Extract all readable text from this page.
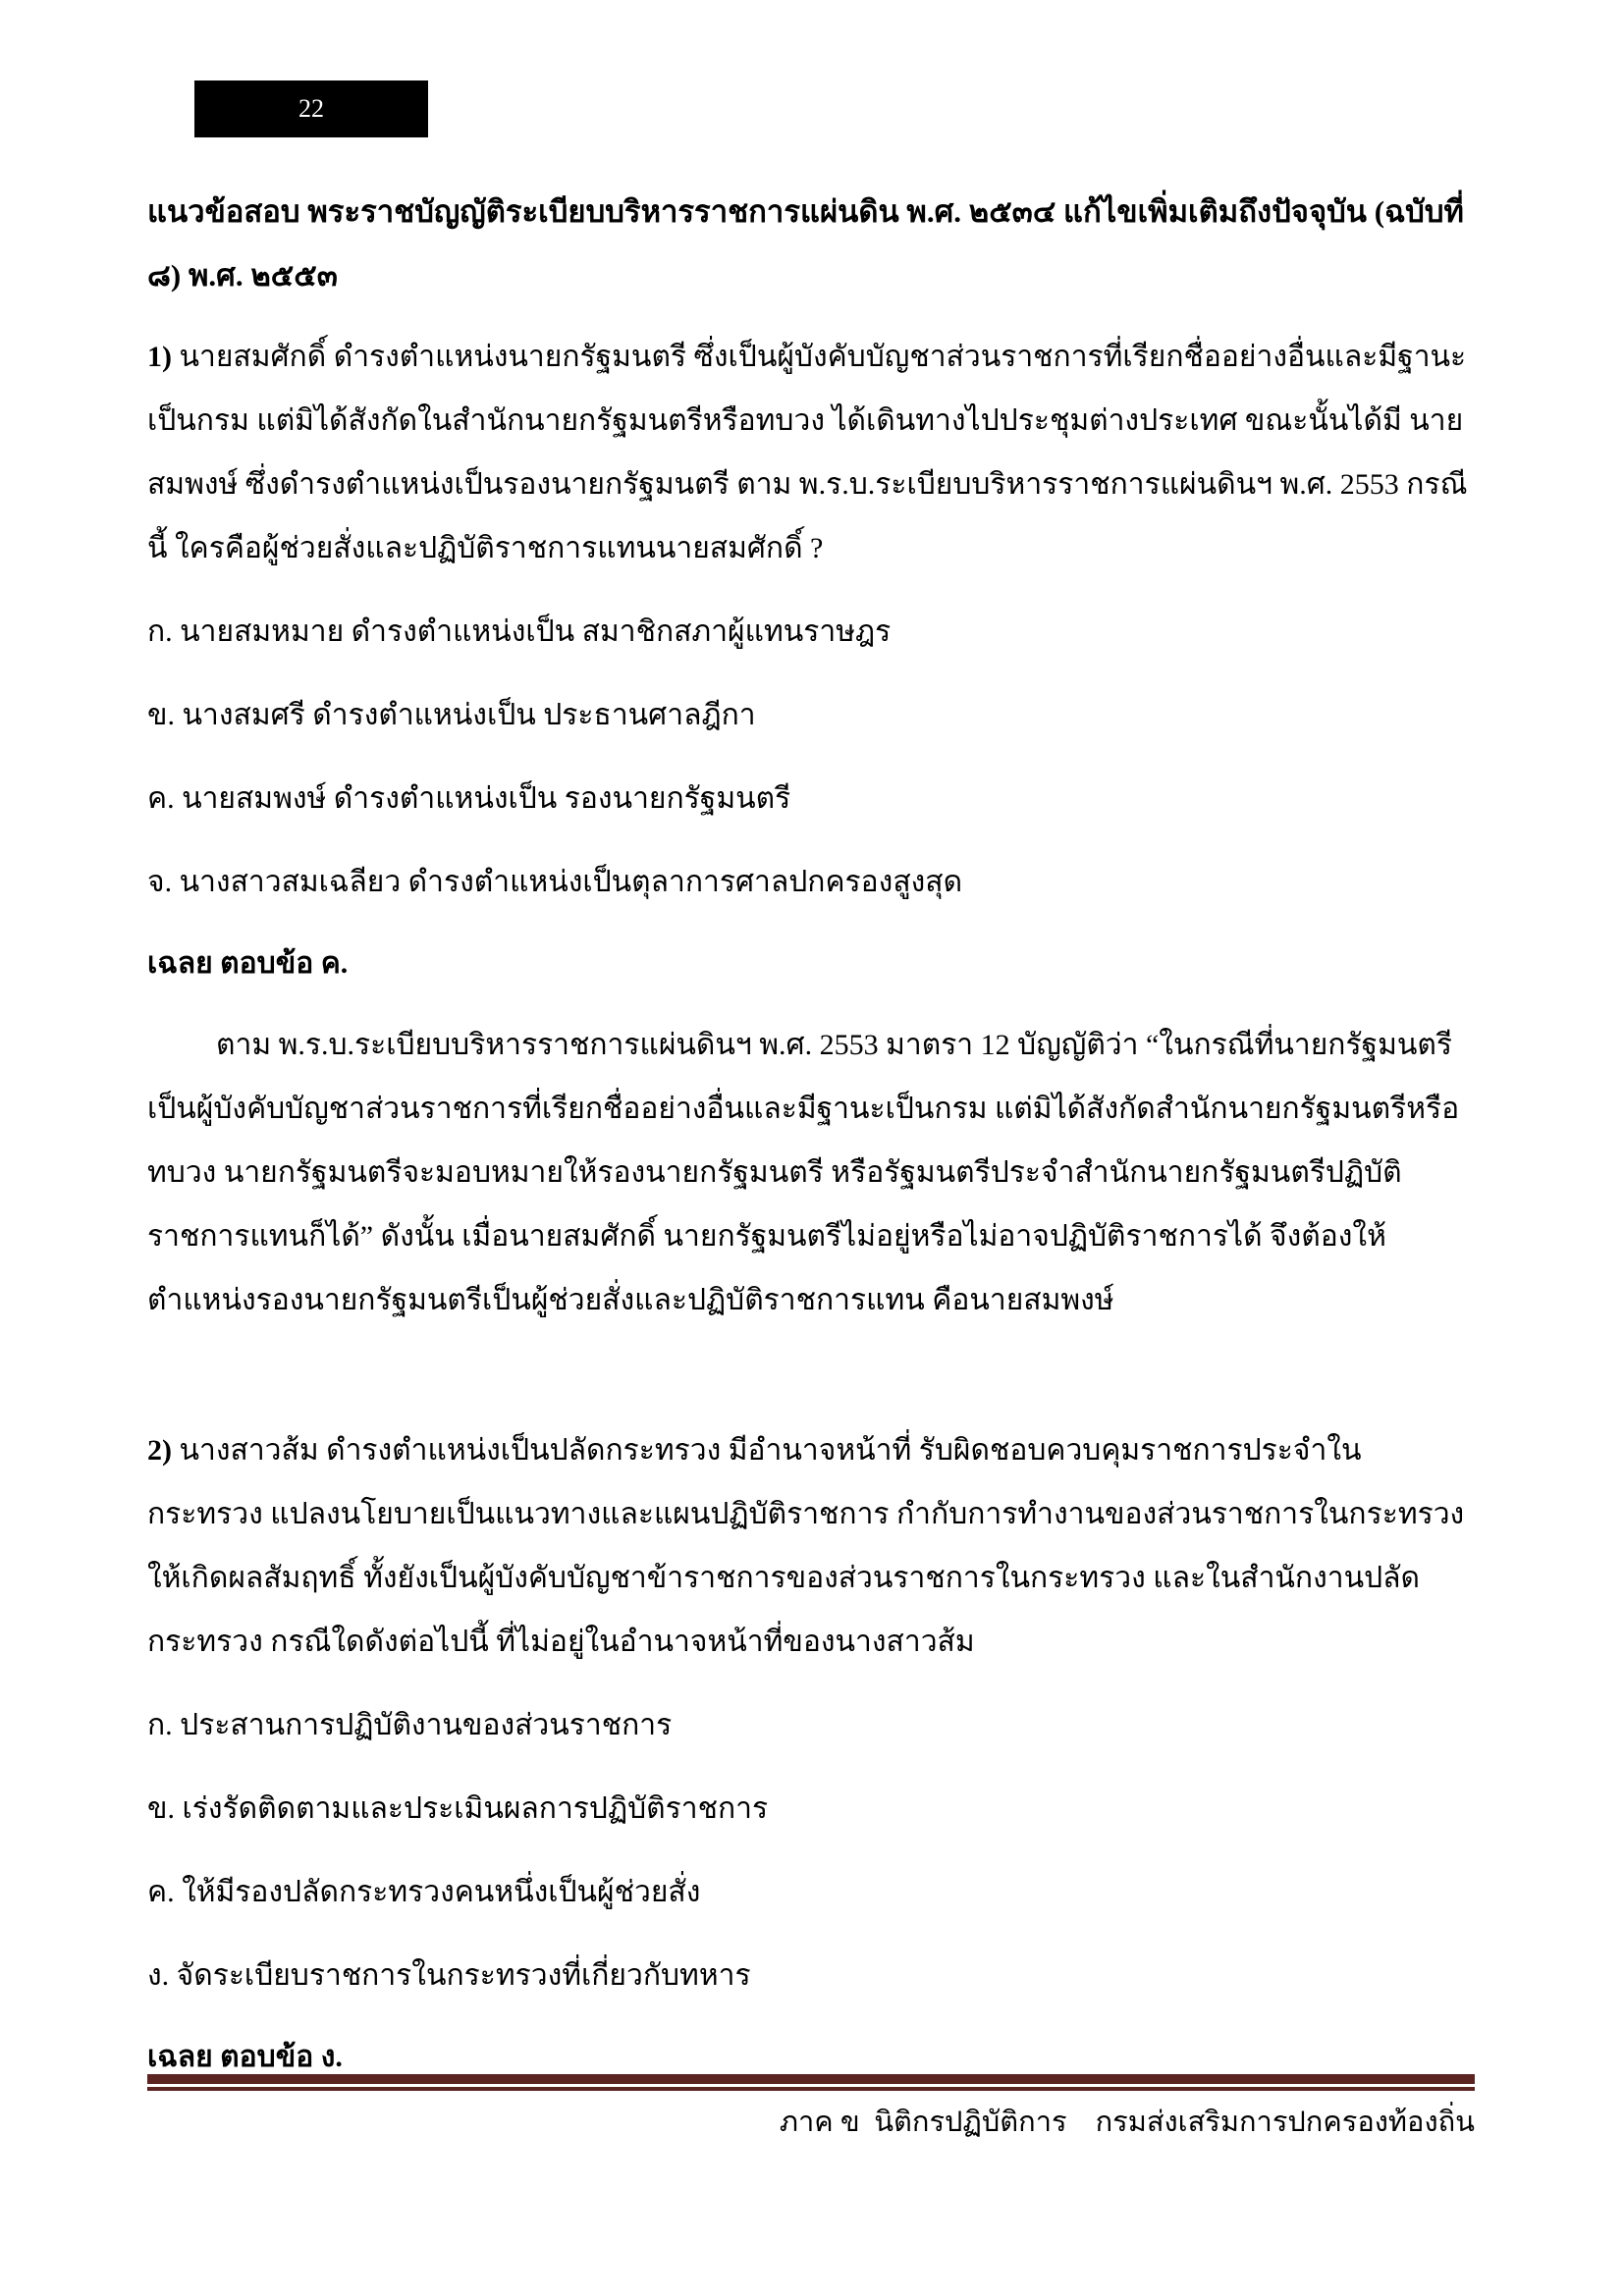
22
แนวข้อสอบ พระราชบัญญัติระเบียบบริหารราชการแผ่นดิน พ.ศ. ๒๕๓๔ แก้ไขเพิ่มเติมถึงปัจจุบัน (ฉบับที่ ๘) พ.ศ. ๒๕๕๓

1) นายสมศักดิ์ ดำรงตำแหน่งนายกรัฐมนตรี ซึ่งเป็นผู้บังคับบัญชาส่วนราชการที่เรียกชื่ออย่างอื่นและมีฐานะเป็นกรม แต่มิได้สังกัดในสำนักนายกรัฐมนตรีหรือทบวง ได้เดินทางไปประชุมต่างประเทศ ขณะนั้นได้มี นายสมพงษ์ ซึ่งดำรงตำแหน่งเป็นรองนายกรัฐมนตรี ตาม พ.ร.บ.ระเบียบบริหารราชการแผ่นดินฯ พ.ศ. 2553 กรณีนี้ ใครคือผู้ช่วยสั่งและปฏิบัติราชการแทนนายสมศักดิ์ ?

ก. นายสมหมาย ดำรงตำแหน่งเป็น สมาชิกสภาผู้แทนราษฎร

ข. นางสมศรี ดำรงตำแหน่งเป็น ประธานศาลฎีกา

ค. นายสมพงษ์ ดำรงตำแหน่งเป็น รองนายกรัฐมนตรี

จ. นางสาวสมเฉลียว ดำรงตำแหน่งเป็นตุลาการศาลปกครองสูงสุด

เฉลย ตอบข้อ ค.

ตาม พ.ร.บ.ระเบียบบริหารราชการแผ่นดินฯ พ.ศ. 2553 มาตรา 12 บัญญัติว่า “ในกรณีที่นายกรัฐมนตรีเป็นผู้บังคับบัญชาส่วนราชการที่เรียกชื่ออย่างอื่นและมีฐานะเป็นกรม แต่มิได้สังกัดสำนักนายกรัฐมนตรีหรือทบวง นายกรัฐมนตรีจะมอบหมายให้รองนายกรัฐมนตรี หรือรัฐมนตรีประจำสำนักนายกรัฐมนตรีปฏิบัติราชการแทนก็ได้” ดังนั้น เมื่อนายสมศักดิ์ นายกรัฐมนตรีไม่อยู่หรือไม่อาจปฏิบัติราชการได้ จึงต้องให้ตำแหน่งรองนายกรัฐมนตรีเป็นผู้ช่วยสั่งและปฏิบัติราชการแทน คือนายสมพงษ์

2) นางสาวส้ม ดำรงตำแหน่งเป็นปลัดกระทรวง มีอำนาจหน้าที่ รับผิดชอบควบคุมราชการประจำในกระทรวง แปลงนโยบายเป็นแนวทางและแผนปฏิบัติราชการ กำกับการทำงานของส่วนราชการในกระทรวงให้เกิดผลสัมฤทธิ์ ทั้งยังเป็นผู้บังคับบัญชาข้าราชการของส่วนราชการในกระทรวง และในสำนักงานปลัดกระทรวง กรณีใดดังต่อไปนี้ ที่ไม่อยู่ในอำนาจหน้าที่ของนางสาวส้ม

ก. ประสานการปฏิบัติงานของส่วนราชการ

ข. เร่งรัดติดตามและประเมินผลการปฏิบัติราชการ

ค. ให้มีรองปลัดกระทรวงคนหนึ่งเป็นผู้ช่วยสั่ง

ง. จัดระเบียบราชการในกระทรวงที่เกี่ยวกับทหาร

เฉลย ตอบข้อ ง.

ภาค ข  นิติกรปฏิบัติการ    กรมส่งเสริมการปกครองท้องถิ่น
